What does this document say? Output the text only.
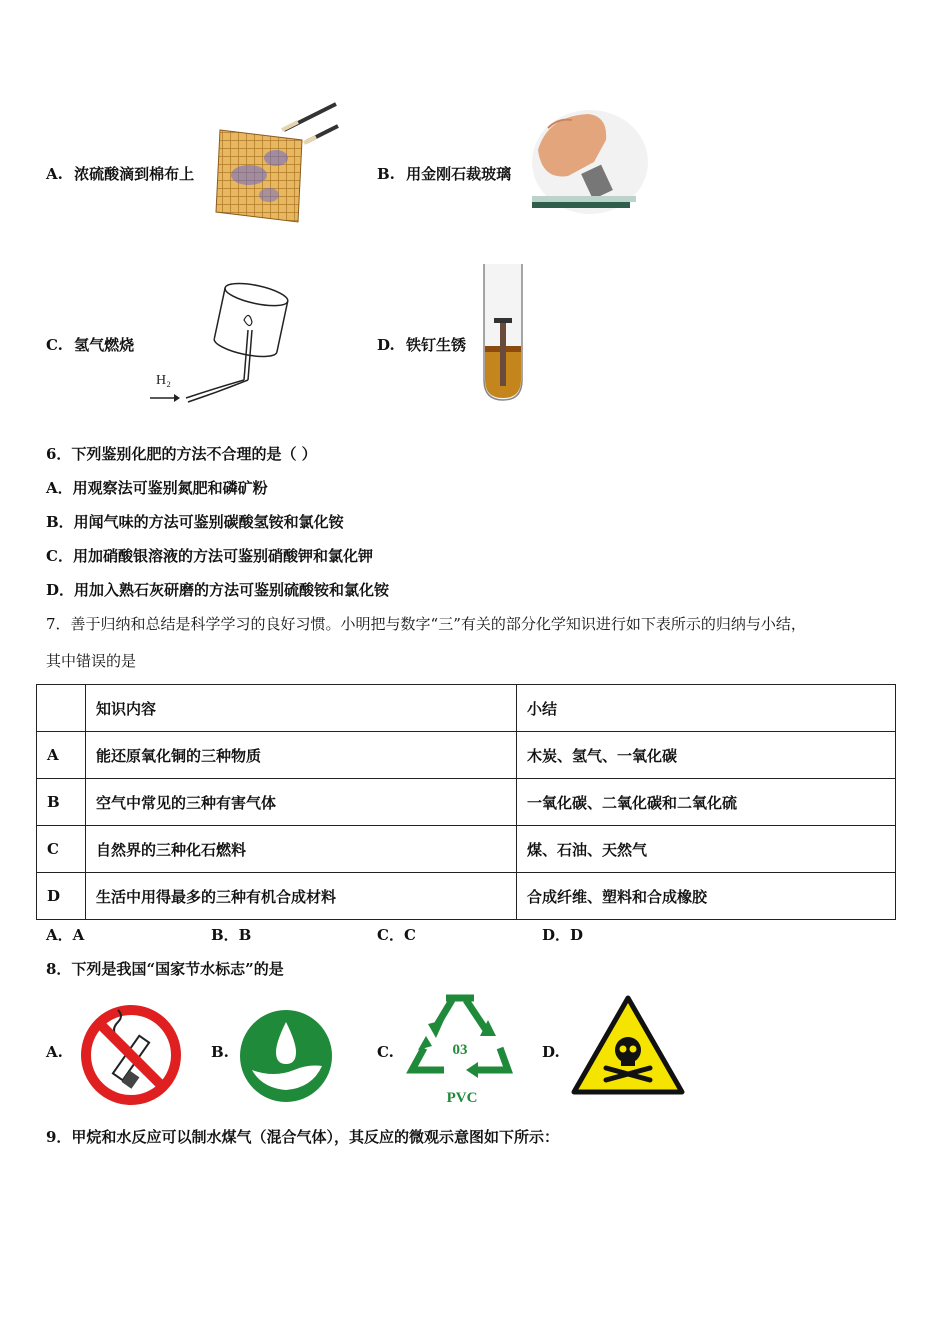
A. 浓硫酸滴到棉布上	B. 用金刚石裁玻璃
C. 氢气燃烧
H₂
D. 铁钉生锈
6．下列鉴别化肥的方法不合理的是（ ）
A．用观察法可鉴别氮肥和磷矿粉
B．用闻气味的方法可鉴别碳酸氢铵和氯化铵
C．用加硝酸银溶液的方法可鉴别硝酸钾和氯化钾
D．用加入熟石灰研磨的方法可鉴别硫酸铵和氯化铵
7．善于归纳和总结是科学学习的良好习惯。小明把与数字“三”有关的部分化学知识进行如下表所示的归纳与小结，
其中错误的是
	知识内容	小结
A	能还原氧化铜的三种物质	木炭、氢气、一氧化碳
B	空气中常见的三种有害气体	一氧化碳、二氧化碳和二氧化硫
C	自然界的三种化石燃料	煤、石油、天然气
D	生活中用得最多的三种有机合成材料	合成纤维、塑料和合成橡胶
A．A	B．B	C．C	D．D
8．下列是我国“国家节水标志”的是
A.	B.	C.	03
PVC
D.
9．甲烷和水反应可以制水煤气（混合气体），其反应的微观示意图如下所示：
